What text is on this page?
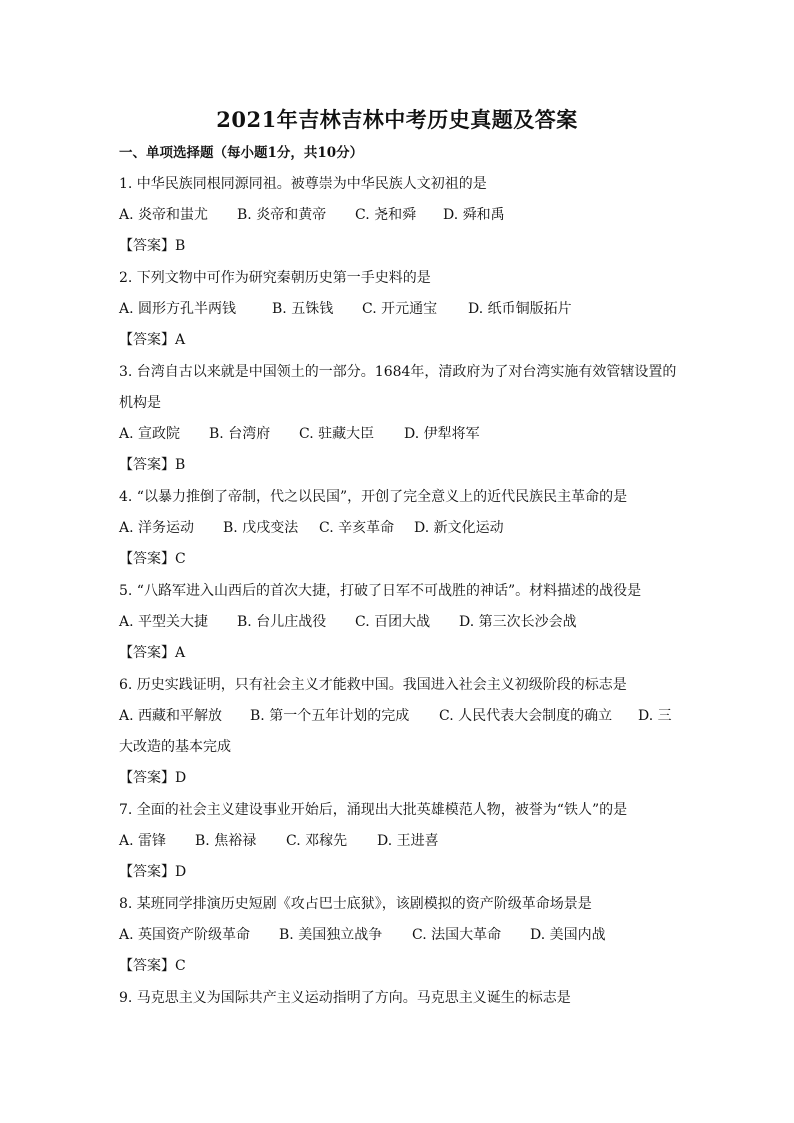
2021年吉林吉林中考历史真题及答案
一、单项选择题（每小题1分，共10分）
1. 中华民族同根同源同祖。被尊崇为中华民族人文初祖的是
A. 炎帝和蚩尤 B. 炎帝和黄帝 C. 尧和舜 D. 舜和禹
【答案】B
2. 下列文物中可作为研究秦朝历史第一手史料的是
A. 圆形方孔半两钱	B. 五铢钱 C. 开元通宝 D. 纸币铜版拓片
【答案】A
3. 台湾自古以来就是中国领土的一部分。1684年，清政府为了对台湾实施有效管辖设置的
机构是
A. 宣政院 B. 台湾府 C. 驻藏大臣 D. 伊犁将军
【答案】B
4. “以暴力推倒了帝制，代之以民国”，开创了完全意义上的近代民族民主革命的是
A. 洋务运动 B. 戊戌变法 C. 辛亥革命 D. 新文化运动
【答案】C
5. “八路军进入山西后的首次大捷，打破了日军不可战胜的神话”。材料描述的战役是
A. 平型关大捷 B. 台儿庄战役 C. 百团大战 D. 第三次长沙会战
【答案】A
6. 历史实践证明，只有社会主义才能救中国。我国进入社会主义初级阶段的标志是
A. 西藏和平解放 B. 第一个五年计划的完成 C. 人民代表大会制度的确立 D. 三
大改造的基本完成
【答案】D
7. 全面的社会主义建设事业开始后，涌现出大批英雄模范人物，被誉为“铁人”的是
A. 雷锋 B. 焦裕禄 C. 邓稼先 D. 王进喜
【答案】D
8. 某班同学排演历史短剧《攻占巴士底狱》，该剧模拟的资产阶级革命场景是
A. 英国资产阶级革命 B. 美国独立战争 C. 法国大革命 D. 美国内战
【答案】C
9. 马克思主义为国际共产主义运动指明了方向。马克思主义诞生的标志是
